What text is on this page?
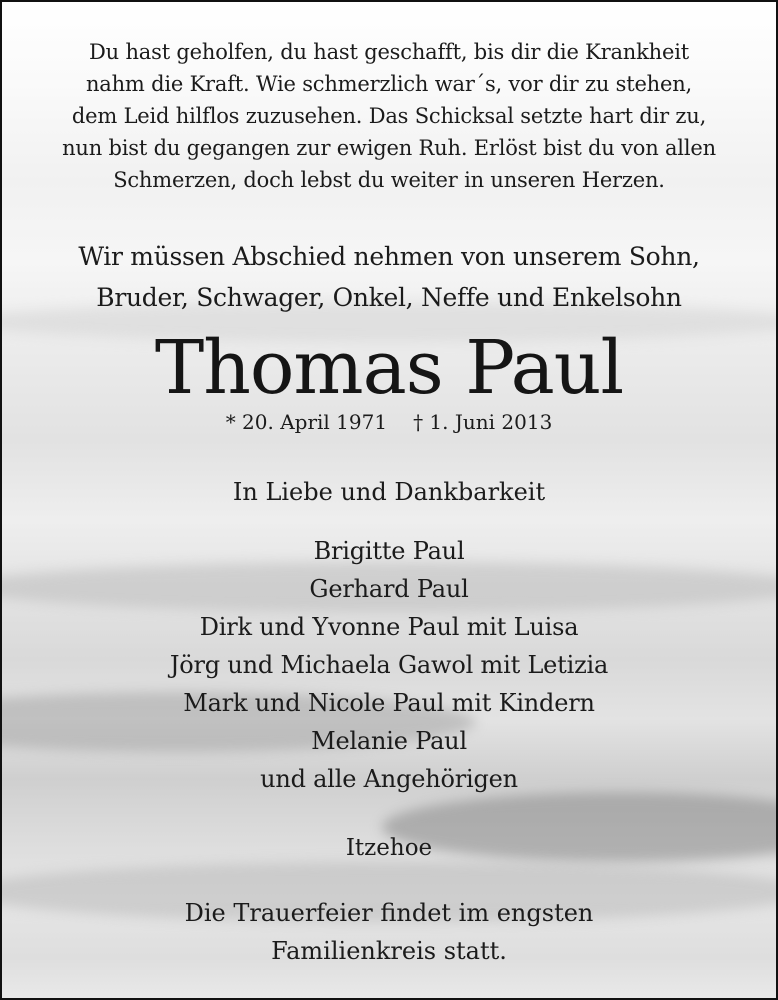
Du hast geholfen, du hast geschafft, bis dir die Krankheit
nahm die Kraft. Wie schmerzlich war´s, vor dir zu stehen,
dem Leid hilflos zuzusehen. Das Schicksal setzte hart dir zu,
nun bist du gegangen zur ewigen Ruh. Erlöst bist du von allen
Schmerzen, doch lebst du weiter in unseren Herzen.

Wir müssen Abschied nehmen von unserem Sohn,
Bruder, Schwager, Onkel, Neffe und Enkelsohn

Thomas Paul

* 20. April 1971 † 1. Juni 2013

In Liebe und Dankbarkeit

Brigitte Paul
Gerhard Paul
Dirk und Yvonne Paul mit Luisa
Jörg und Michaela Gawol mit Letizia
Mark und Nicole Paul mit Kindern
Melanie Paul
und alle Angehörigen

Itzehoe

Die Trauerfeier findet im engsten
Familienkreis statt.
